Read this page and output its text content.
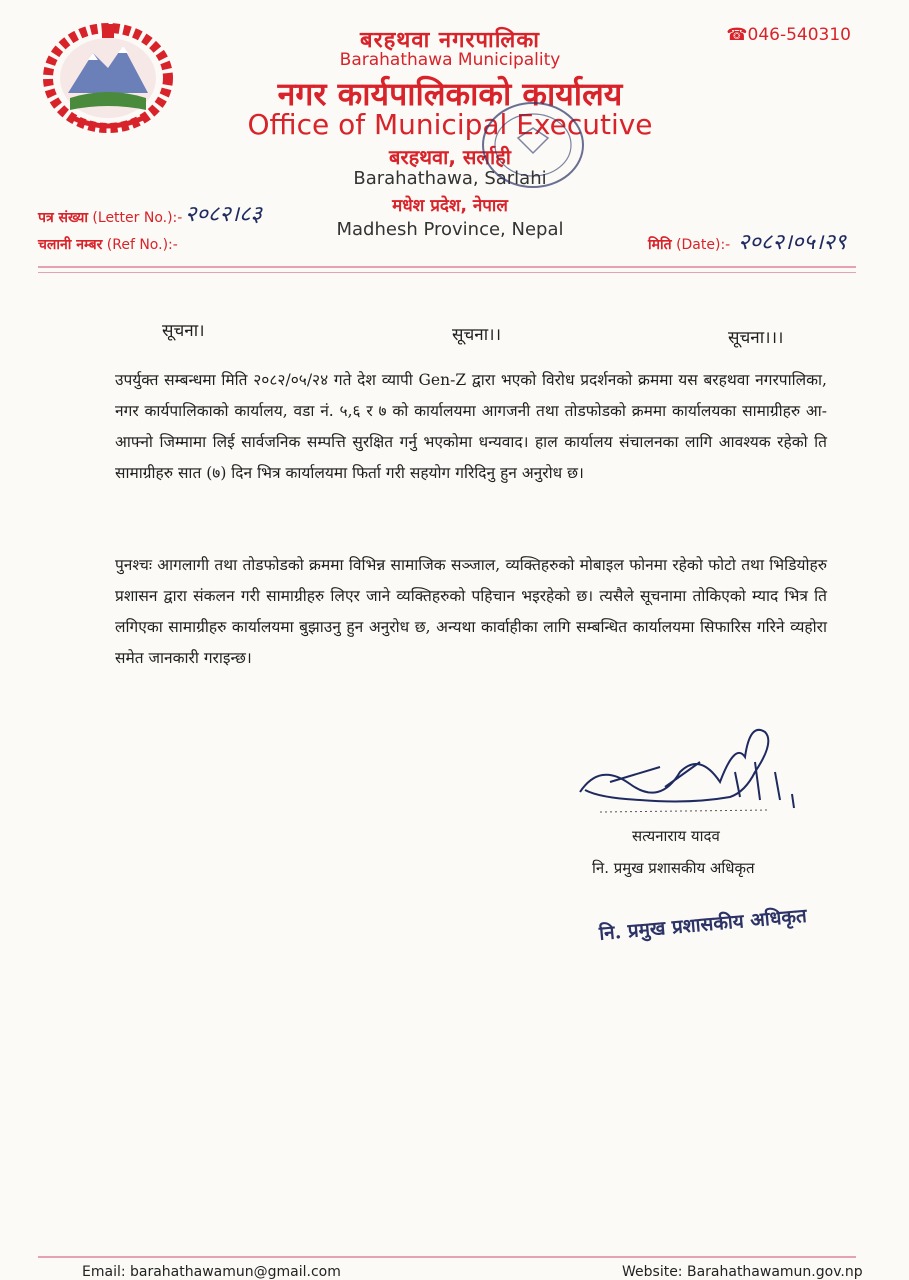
बरहथवा नगरपालिका
Barahathawa Municipality
नगर कार्यपालिकाको कार्यालय
Office of Municipal Executive
बरहथवा, सर्लाही
Barahathawa, Sarlahi
मधेश प्रदेश, नेपाल
Madhesh Province, Nepal
☎046-540310
पत्र संख्या (Letter No.):- २०८२।८३
चलानी नम्बर (Ref No.):-	मिति (Date):- २०८२।०५।२९
सूचना।	सूचना।।	सूचना।।।
उपर्युक्त सम्बन्धमा मिति २०८२/०५/२४ गते देश व्यापी Gen-Z द्वारा भएको विरोध प्रदर्शनको क्रममा यस बरहथवा नगरपालिका, नगर कार्यपालिकाको कार्यालय, वडा नं. ५,६ र ७ को कार्यालयमा आगजनी तथा तोडफोडको क्रममा कार्यालयका सामाग्रीहरु आ-आफ्नो जिम्मामा लिई सार्वजनिक सम्पत्ति सुरक्षित गर्नु भएकोमा धन्यवाद। हाल कार्यालय संचालनका लागि आवश्यक रहेको ति सामाग्रीहरु सात (७) दिन भित्र कार्यालयमा फिर्ता गरी सहयोग गरिदिनु हुन अनुरोध छ।
पुनश्चः आगलागी तथा तोडफोडको क्रममा विभिन्न सामाजिक सञ्जाल, व्यक्तिहरुको मोबाइल फोनमा रहेको फोटो तथा भिडियोहरु प्रशासन द्वारा संकलन गरी सामाग्रीहरु लिएर जाने व्यक्तिहरुको पहिचान भइरहेको छ। त्यसैले सूचनामा तोकिएको म्याद भित्र ति लगिएका सामाग्रीहरु कार्यालयमा बुझाउनु हुन अनुरोध छ, अन्यथा कार्वाहीका लागि सम्बन्धित कार्यालयमा सिफारिस गरिने व्यहोरा समेत जानकारी गराइन्छ।
सत्यनाराय यादव
नि. प्रमुख प्रशासकीय अधिकृत
नि. प्रमुख प्रशासकीय अधिकृत
Email: barahathawamun@gmail.com	Website: Barahathawamun.gov.np
